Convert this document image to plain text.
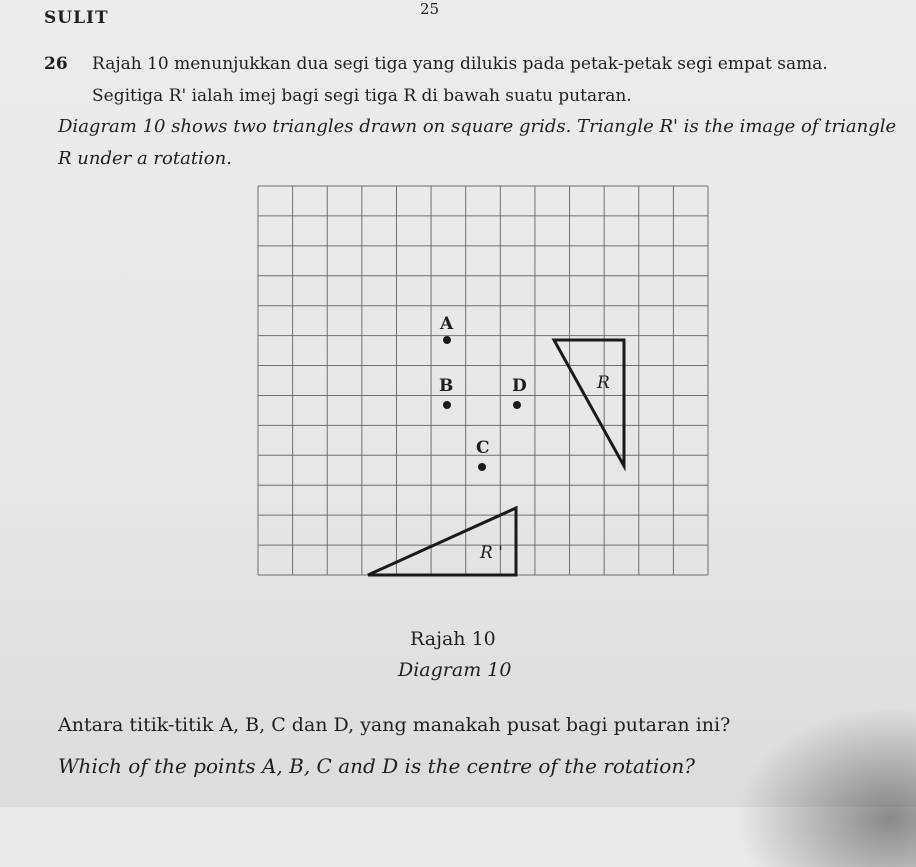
SULIT	25
26 Rajah 10 menunjukkan dua segi tiga yang dilukis pada petak-petak segi empat sama.
Segitiga R' ialah imej bagi segi tiga R di bawah suatu putaran.
Diagram 10 shows two triangles drawn on square grids. Triangle R' is the image of triangle
R under a rotation.
A
B	D
C
R
R '
Rajah 10
Diagram 10
Antara titik-titik A, B, C dan D, yang manakah pusat bagi putaran ini?
Which of the points A, B, C and D is the centre of the rotation?
